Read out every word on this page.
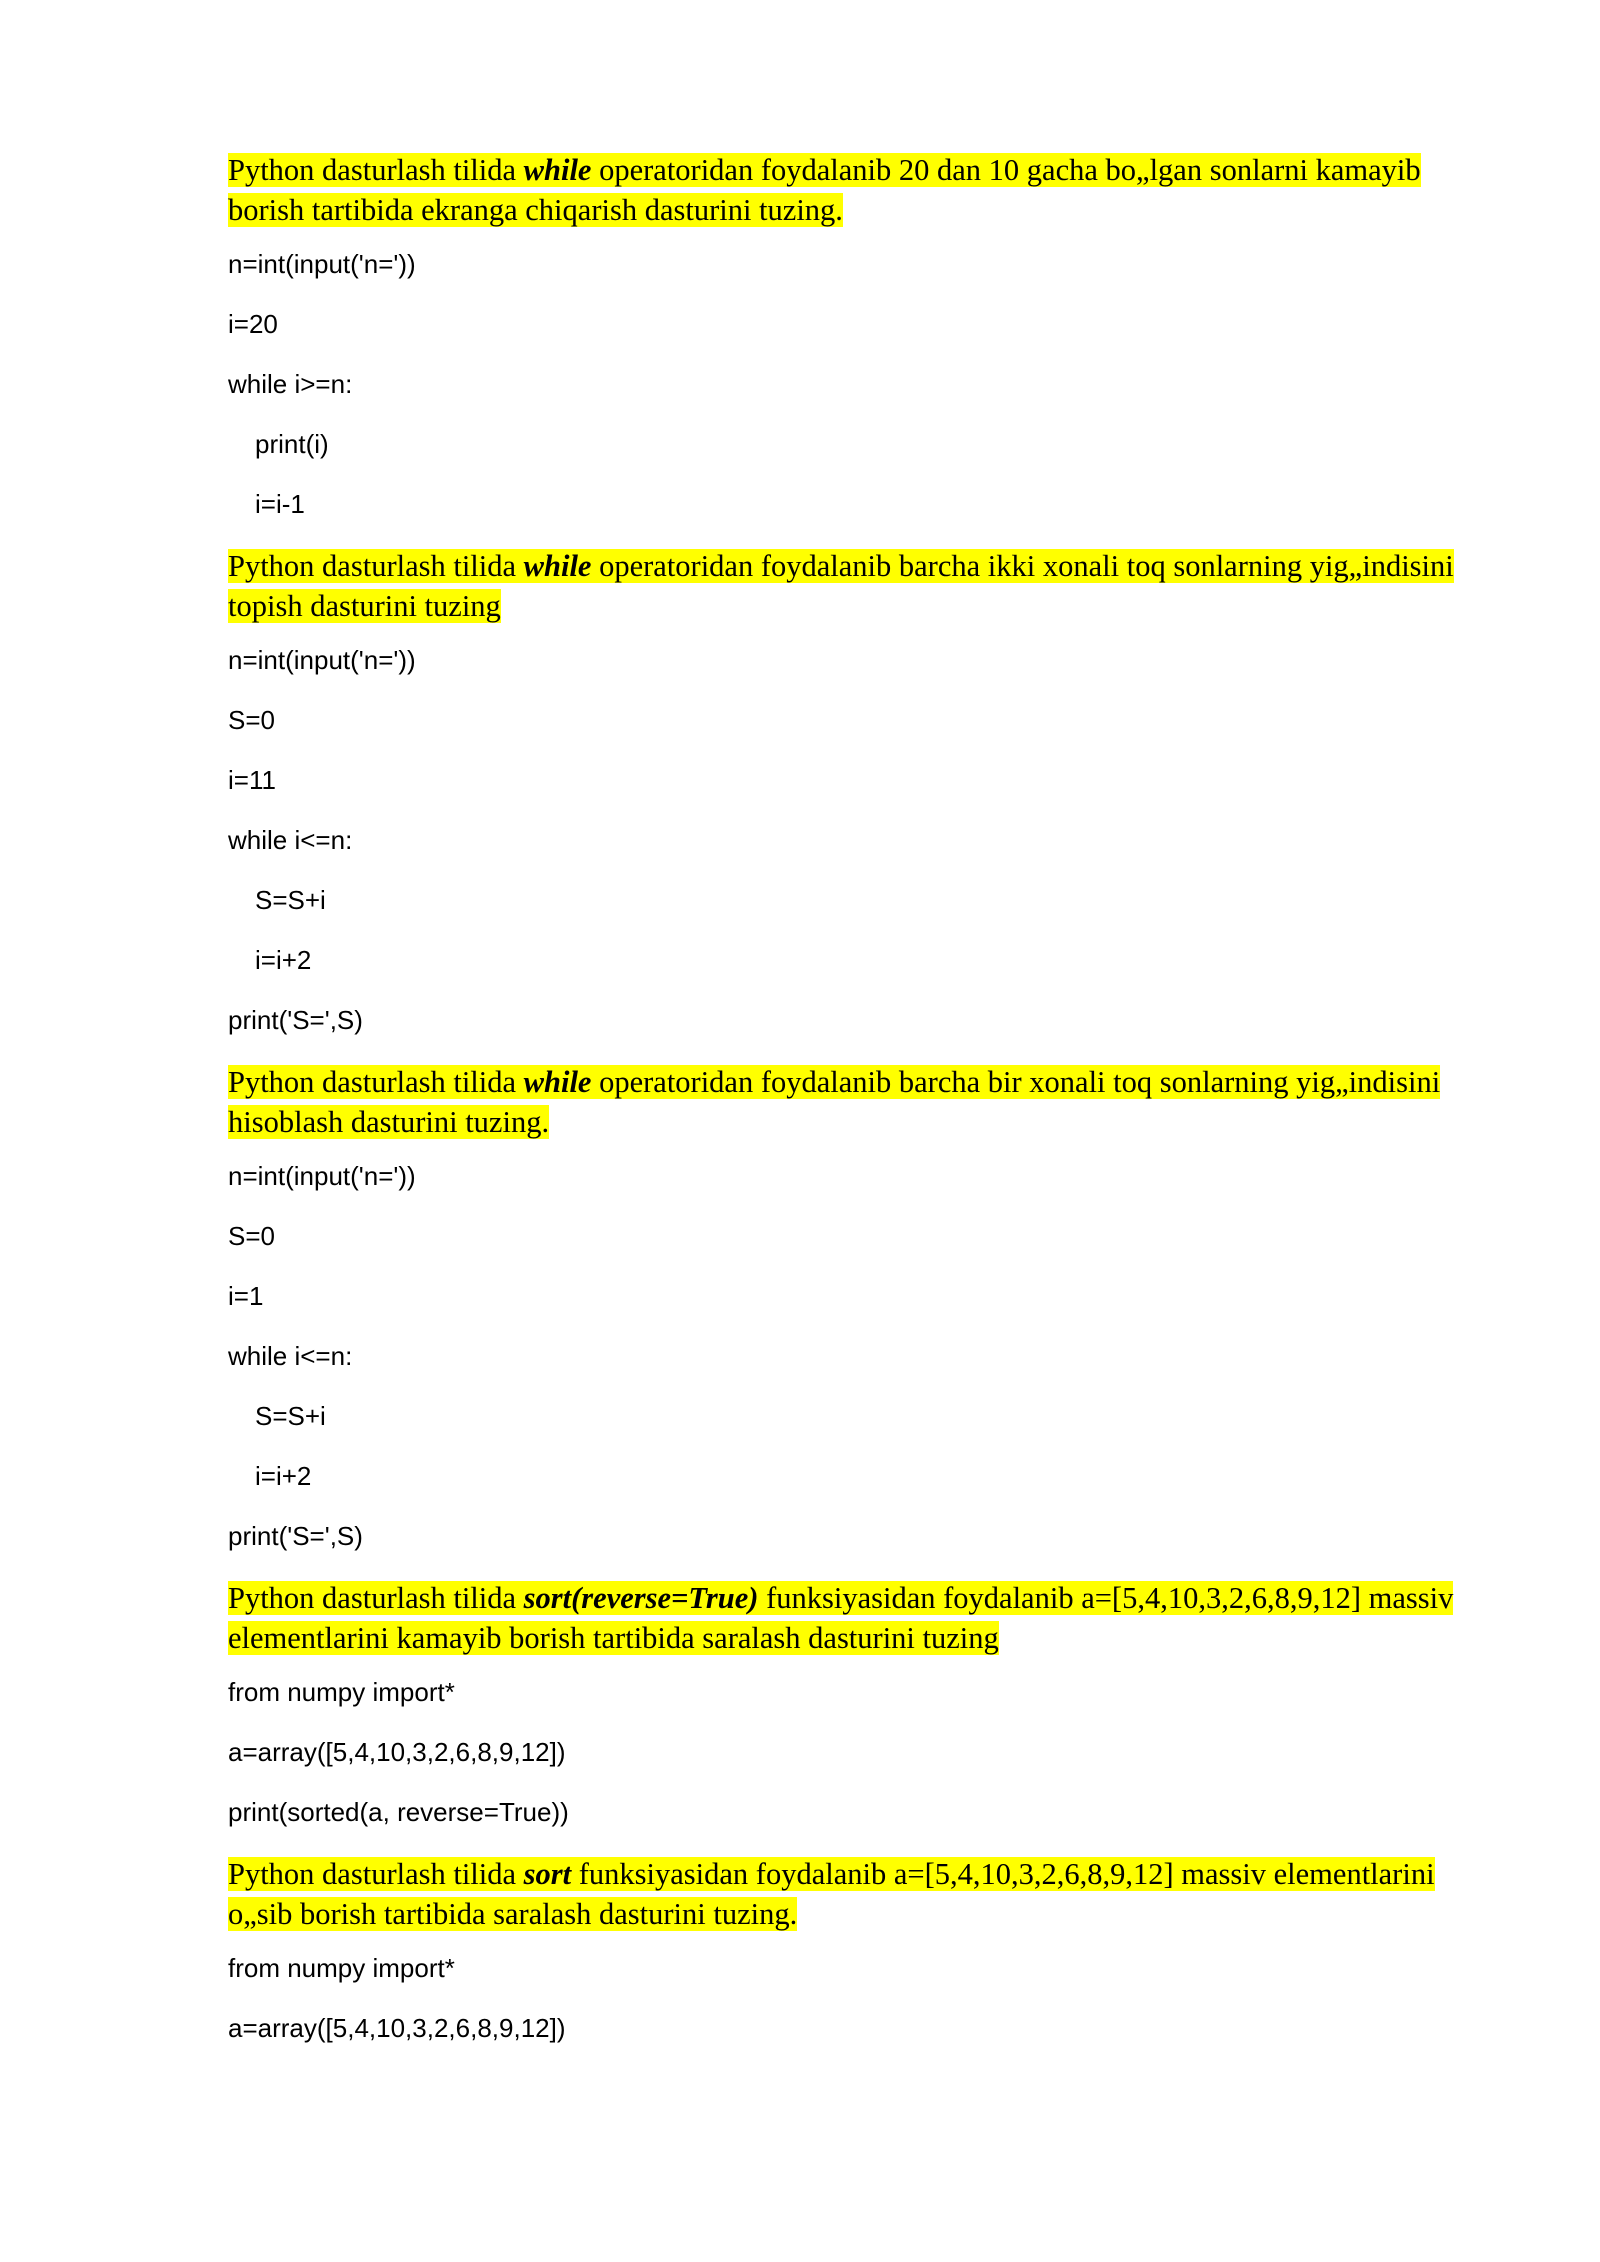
Python dasturlash tilida while operatoridan foydalanib 20 dan 10 gacha bo„lgan sonlarni kamayib borish tartibida ekranga chiqarish dasturini tuzing.
n=int(input('n='))
i=20
while i>=n:
print(i)
i=i-1
Python dasturlash tilida while operatoridan foydalanib barcha ikki xonali toq sonlarning yig„indisini topish dasturini tuzing
n=int(input('n='))
S=0
i=11
while i<=n:
S=S+i
i=i+2
print('S=',S)
Python dasturlash tilida while operatoridan foydalanib barcha bir xonali toq sonlarning yig„indisini hisoblash dasturini tuzing.
n=int(input('n='))
S=0
i=1
while i<=n:
S=S+i
i=i+2
print('S=',S)
Python dasturlash tilida sort(reverse=True) funksiyasidan foydalanib a=[5,4,10,3,2,6,8,9,12] massiv elementlarini kamayib borish tartibida saralash dasturini tuzing
from numpy import*
a=array([5,4,10,3,2,6,8,9,12])
print(sorted(a, reverse=True))
Python dasturlash tilida sort funksiyasidan foydalanib a=[5,4,10,3,2,6,8,9,12] massiv elementlarini o„sib borish tartibida saralash dasturini tuzing.
from numpy import*
a=array([5,4,10,3,2,6,8,9,12])
